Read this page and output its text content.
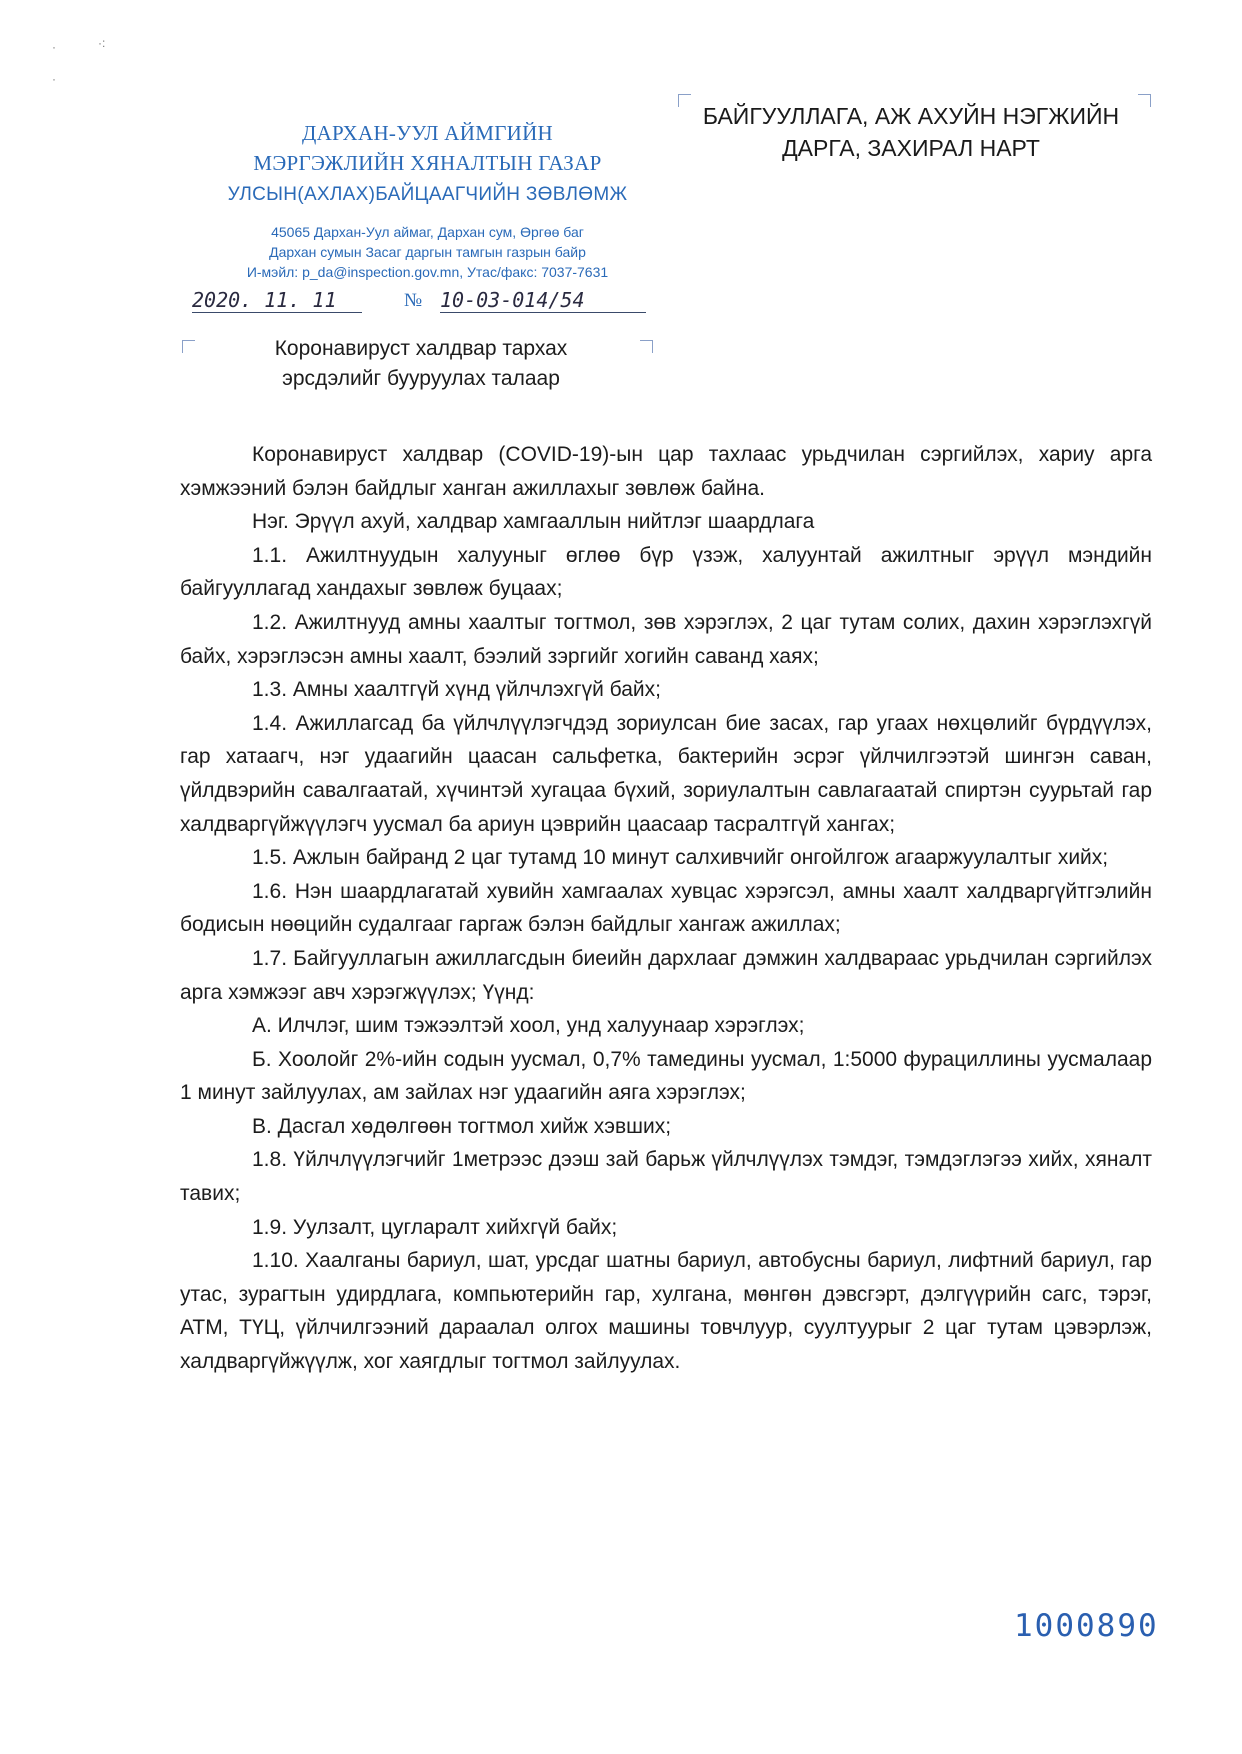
·	·:
·
ДАРХАН-УУЛ АЙМГИЙН
МЭРГЭЖЛИЙН ХЯНАЛТЫН ГАЗАР
УЛСЫН(АХЛАХ)БАЙЦААГЧИЙН ЗӨВЛӨМЖ
45065 Дархан-Уул аймаг, Дархан сум, Өргөө баг
Дархан сумын Засаг даргын тамгын газрын байр
И-мэйл: p_da@inspection.gov.mn, Утас/факс: 7037-7631
БАЙГУУЛЛАГА, АЖ АХУЙН НЭГЖИЙН
ДАРГА, ЗАХИРАЛ НАРТ
2020. 11. 11	№ 10-03-014/54
Коронавируст халдвар тархах
эрсдэлийг бууруулах талаар

Коронавируст халдвар (COVID-19)-ын цар тахлаас урьдчилан сэргийлэх, хариу арга хэмжээний бэлэн байдлыг ханган ажиллахыг зөвлөж байна.

Нэг. Эрүүл ахуй, халдвар хамгааллын нийтлэг шаардлага

1.1. Ажилтнуудын халууныг өглөө бүр үзэж, халуунтай ажилтныг эрүүл мэндийн байгууллагад хандахыг зөвлөж буцаах;

1.2. Ажилтнууд амны хаалтыг тогтмол, зөв хэрэглэх, 2 цаг тутам солих, дахин хэрэглэхгүй байх, хэрэглэсэн амны хаалт, бээлий зэргийг хогийн саванд хаях;

1.3. Амны хаалтгүй хүнд үйлчлэхгүй байх;

1.4. Ажиллагсад ба үйлчлүүлэгчдэд зориулсан бие засах, гар угаах нөхцөлийг бүрдүүлэх, гар хатаагч, нэг удаагийн цаасан сальфетка, бактерийн эсрэг үйлчилгээтэй шингэн саван, үйлдвэрийн савалгаатай, хүчинтэй хугацаа бүхий, зориулалтын савлагаатай спиртэн суурьтай гар халдваргүйжүүлэгч уусмал ба ариун цэврийн цаасаар тасралтгүй хангах;

1.5. Ажлын байранд 2 цаг тутамд 10 минут салхивчийг онгойлгож агааржуулалтыг хийх;

1.6. Нэн шаардлагатай хувийн хамгаалах хувцас хэрэгсэл, амны хаалт халдваргүйтгэлийн бодисын нөөцийн судалгааг гаргаж бэлэн байдлыг хангаж ажиллах;

1.7. Байгууллагын ажиллагсдын биеийн дархлааг дэмжин халдвараас урьдчилан сэргийлэх арга хэмжээг авч хэрэгжүүлэх; Үүнд:

А. Илчлэг, шим тэжээлтэй хоол, унд халуунаар хэрэглэх;

Б. Хоолойг 2%-ийн содын уусмал, 0,7% тамедины уусмал, 1:5000 фурациллины уусмалаар 1 минут зайлуулах, ам зайлах нэг удаагийн аяга хэрэглэх;

В. Дасгал хөдөлгөөн тогтмол хийж хэвших;

1.8. Үйлчлүүлэгчийг 1метрээс дээш зай барьж үйлчлүүлэх тэмдэг, тэмдэглэгээ хийх, хяналт тавих;

1.9. Уулзалт, цугларалт хийхгүй байх;

1.10. Хаалганы бариул, шат, урсдаг шатны бариул, автобусны бариул, лифтний бариул, гар утас, зурагтын удирдлага, компьютерийн гар, хулгана, мөнгөн дэвсгэрт, дэлгүүрийн сагс, тэрэг, АТМ, ТҮЦ, үйлчилгээний дараалал олгох машины товчлуур, суултуурыг 2 цаг тутам цэвэрлэж, халдваргүйжүүлж, хог хаягдлыг тогтмол зайлуулах.

1000890
